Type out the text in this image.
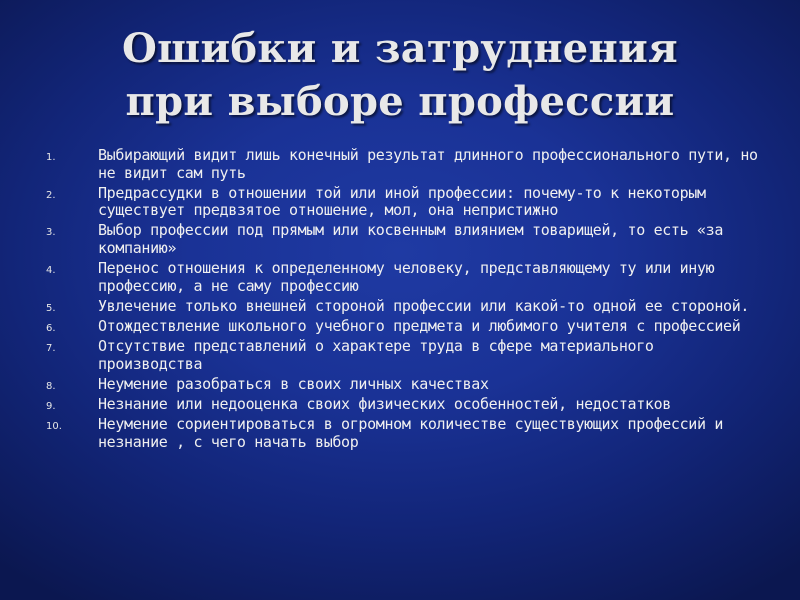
Ошибки и затруднения
при выборе профессии
1.	Выбирающий видит лишь конечный результат длинного профессионального пути, но не видит сам путь
2.	Предрассудки в отношении той или иной профессии: почему-то к некоторым существует предвзятое отношение, мол, она непристижно
3.	Выбор профессии под прямым или косвенным влиянием товарищей, то есть «за компанию»
4.	Перенос отношения к определенному человеку, представляющему ту или иную профессию, а не саму профессию
5.	Увлечение только внешней стороной профессии или какой-то одной ее стороной.
6.	Отождествление школьного учебного предмета и любимого учителя с профессией
7.	Отсутствие представлений о характере труда в сфере материального производства
8.	Неумение разобраться в своих личных качествах
9.	Незнание или недооценка своих физических особенностей, недостатков
10. Неумение сориентироваться в огромном количестве существующих профессий и незнание , с чего начать выбор
